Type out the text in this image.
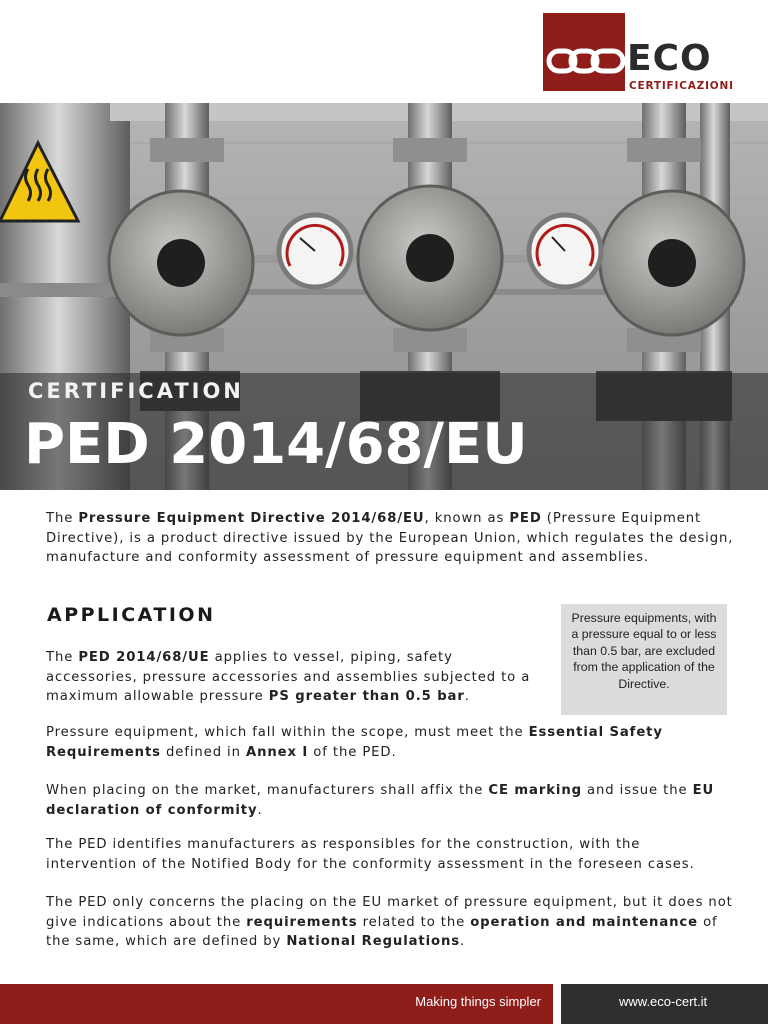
ECO
CERTIFICAZIONI
CERTIFICATION
PED 2014/68/EU
The Pressure Equipment Directive 2014/68/EU, known as PED (Pressure Equipment Directive), is a product directive issued by the European Union, which regulates the design, manufacture and conformity assessment of pressure equipment and assemblies.
APPLICATION
The PED 2014/68/UE applies to vessel, piping, safety accessories, pressure accessories and assemblies subjected to a maximum allowable pressure PS greater than 0.5 bar.
Pressure equipments, with a pressure equal to or less than 0.5 bar, are excluded from the application of the Directive.
Pressure equipment, which fall within the scope, must meet the Essential Safety Requirements defined in Annex I of the PED.
When placing on the market, manufacturers shall affix the CE marking and issue the EU declaration of conformity.
The PED identifies manufacturers as responsibles for the construction, with the intervention of the Notified Body for the conformity assessment in the foreseen cases.
The PED only concerns the placing on the EU market of pressure equipment, but it does not give indications about the requirements related to the operation and maintenance of the same, which are defined by National Regulations.
Making things simpler	www.eco-cert.it
